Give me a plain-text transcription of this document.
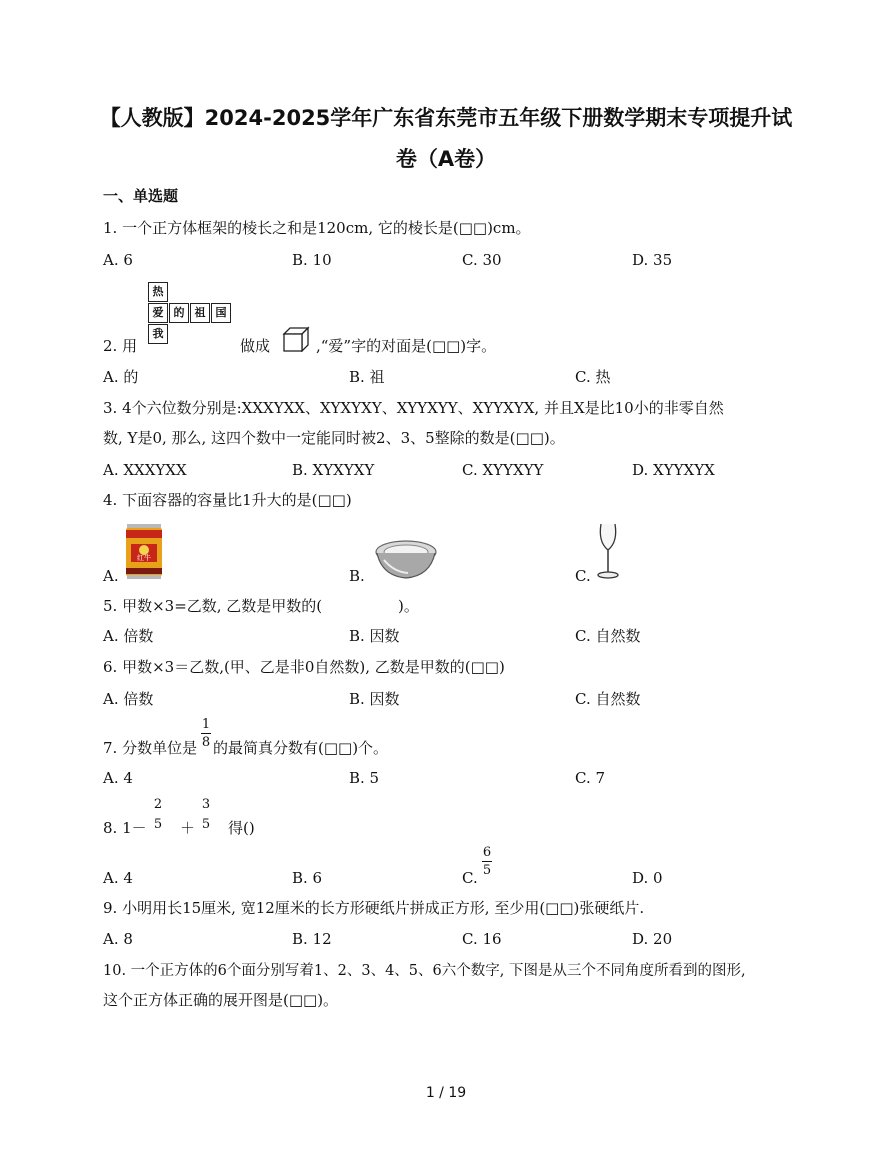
【人教版】2024-2025学年广东省东莞市五年级下册数学期末专项提升试
卷（A卷）
一、单选题
1. 一个正方体框架的棱长之和是120cm, 它的棱长是(□□)cm。
A. 6	B. 10	C. 30	D. 35
热
爱 的 祖 国
我
2. 用	做成	,“爱”字的对面是(□□)字。
A. 的	B. 祖	C. 热
3. 4个六位数分别是:XXXYXX、XYXYXY、XYYXYY、XYYXYX, 并且X是比10小的非零自然
数, Y是0, 那么, 这四个数中一定能同时被2、3、5整除的数是(□□)。
A. XXXYXX	B. XYXYXY	C. XYYXYY	D. XYYXYX
4. 下面容器的容量比1升大的是(□□)
A.
红牛
B.	C.
5. 甲数×3=乙数, 乙数是甲数的(	)。
A. 倍数	B. 因数	C. 自然数
6. 甲数×3＝乙数,(甲、乙是非0自然数), 乙数是甲数的(□□)
A. 倍数	B. 因数	C. 自然数
7. 分数单位是
1
8 的最简真分数有(□□)个。
A. 4	B. 5	C. 7
8. 1－
2
5 ＋
3
5 得()
A. 4	B. 6	C.
6
5	D. 0
9. 小明用长15厘米, 宽12厘米的长方形硬纸片拼成正方形, 至少用(□□)张硬纸片.
A. 8	B. 12	C. 16	D. 20
10. 一个正方体的6个面分别写着1、2、3、4、5、6六个数字, 下图是从三个不同角度所看到的图形,
这个正方体正确的展开图是(□□)。
1 / 19
